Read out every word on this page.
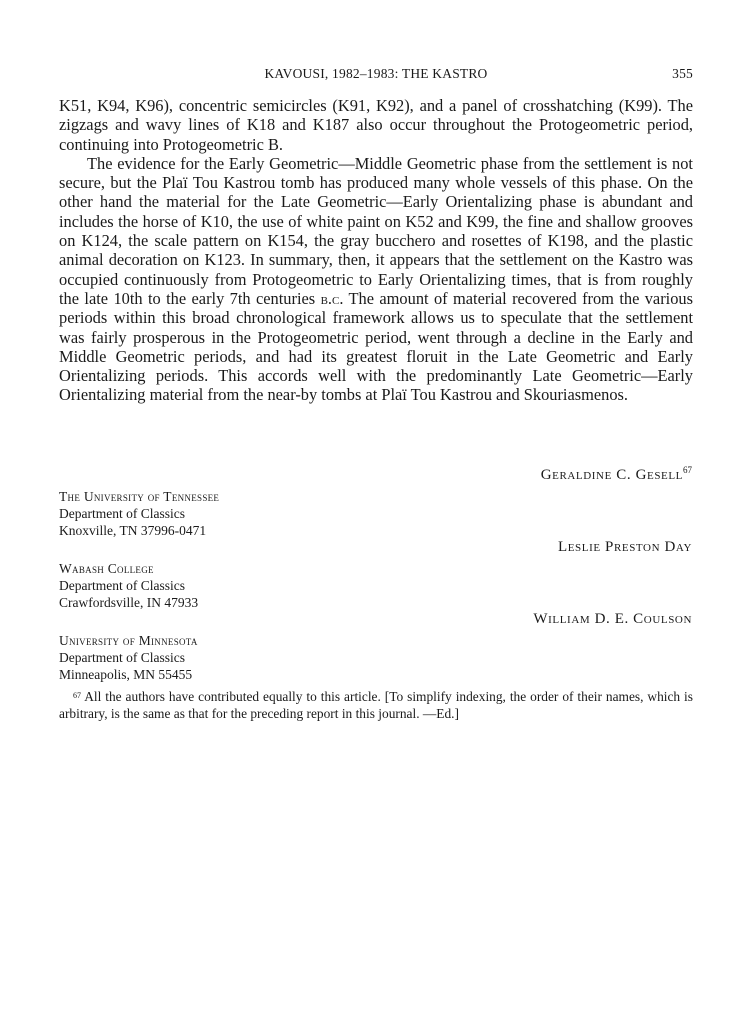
KAVOUSI, 1982–1983: THE KASTRO	355

K51, K94, K96), concentric semicircles (K91, K92), and a panel of crosshatching (K99). The zigzags and wavy lines of K18 and K187 also occur throughout the Protogeometric period, continuing into Protogeometric B.

The evidence for the Early Geometric—Middle Geometric phase from the settlement is not secure, but the Plaï Tou Kastrou tomb has produced many whole vessels of this phase. On the other hand the material for the Late Geometric—Early Orientalizing phase is abundant and includes the horse of K10, the use of white paint on K52 and K99, the fine and shallow grooves on K124, the scale pattern on K154, the gray bucchero and rosettes of K198, and the plastic animal decoration on K123. In summary, then, it appears that the settlement on the Kastro was occupied continuously from Protogeometric to Early Orientalizing times, that is from roughly the late 10th to the early 7th centuries b.c. The amount of material recovered from the various periods within this broad chronological framework allows us to speculate that the settlement was fairly prosperous in the Protogeometric period, went through a decline in the Early and Middle Geometric periods, and had its greatest floruit in the Late Geometric and Early Orientalizing periods. This accords well with the predominantly Late Geometric—Early Orientalizing material from the near-by tombs at Plaï Tou Kastrou and Skouriasmenos.

Geraldine C. Gesell$^{67}$
Leslie Preston Day
William D. E. Coulson
The University of Tennessee
Department of Classics
Knoxville, TN 37996-0471
Wabash College
Department of Classics
Crawfordsville, IN 47933
University of Minnesota
Department of Classics
Minneapolis, MN 55455
$^{67}$ All the authors have contributed equally to this article. [To simplify indexing, the order of their names, which is arbitrary, is the same as that for the preceding report in this journal. —Ed.]
